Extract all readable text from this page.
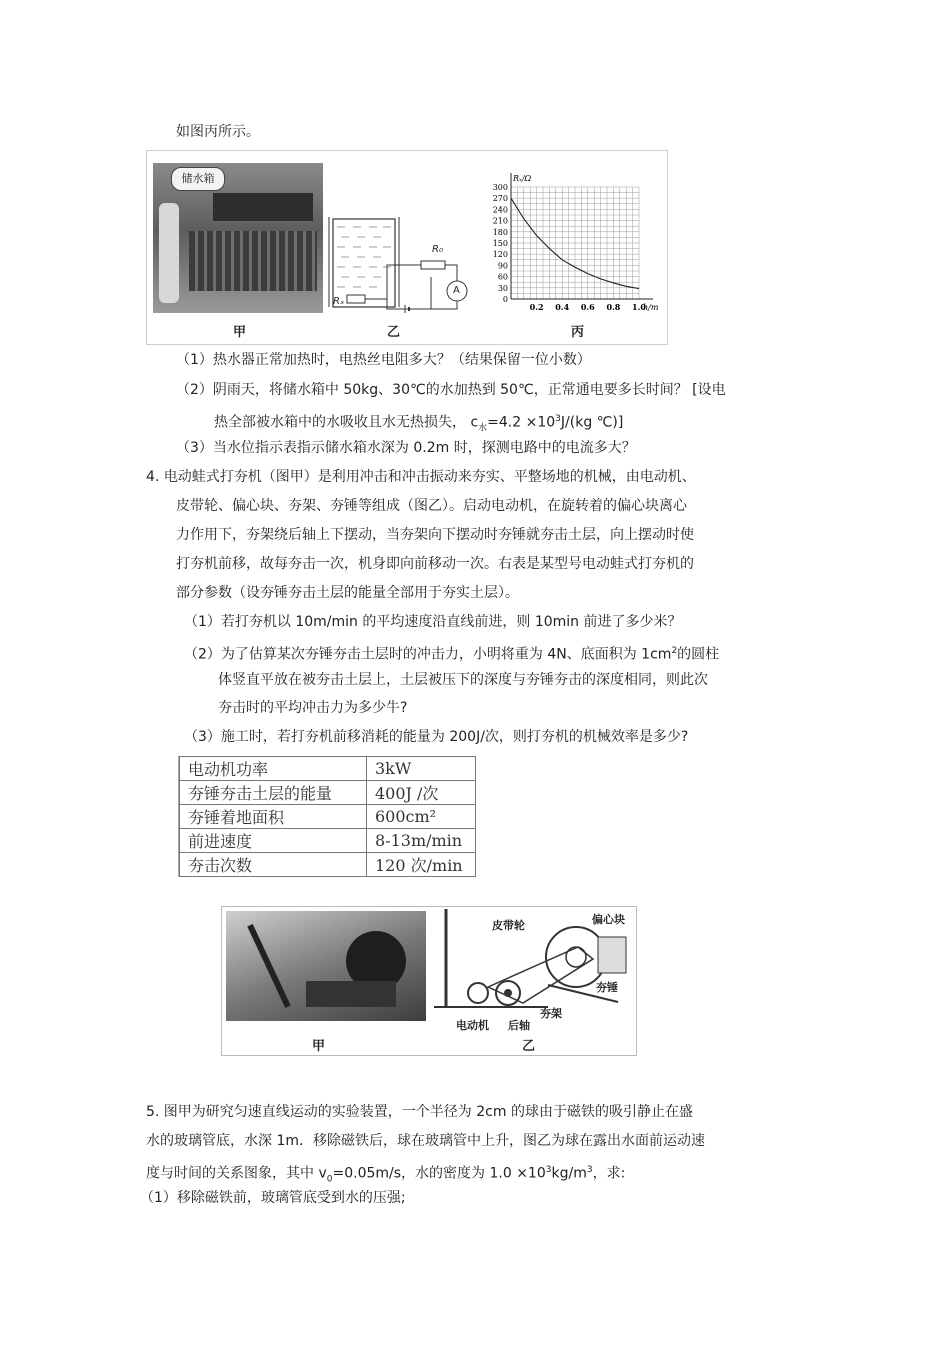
如图丙所示。
储水箱
甲
R₀
Rₓ
A
乙
300
270
240
210
180
150
120
90
60
30
0
0.2 0.4 0.6 0.8 1.0
Rₓ/Ω
h/m
丙
（1）热水器正常加热时，电热丝电阻多大？（结果保留一位小数）
（2）阴雨天，将储水箱中 50kg、30℃的水加热到 50℃，正常通电要多长时间？ [设电
热全部被水箱中的水吸收且水无热损失， $c_水=4.2 \times 10^3J/(kg$ ℃)]
（3）当水位指示表指示储水箱水深为 0.2m 时，探测电路中的电流多大？
4. 电动蛙式打夯机（图甲）是利用冲击和冲击振动来夯实、平整场地的机械，由电动机、
皮带轮、偏心块、夯架、夯锤等组成（图乙）。启动电动机，在旋转着的偏心块离心
力作用下，夯架绕后轴上下摆动，当夯架向下摆动时夯锤就夯击土层，向上摆动时使
打夯机前移，故每夯击一次，机身即向前移动一次。右表是某型号电动蛙式打夯机的
部分参数（设夯锤夯击土层的能量全部用于夯实土层）。
（1）若打夯机以 10m/min 的平均速度沿直线前进，则 10min 前进了多少米？
（2）为了估算某次夯锤夯击土层时的冲击力，小明将重为 4N、底面积为 $1cm^2$的圆柱
体竖直平放在被夯击土层上，土层被压下的深度与夯锤夯击的深度相同，则此次
夯击时的平均冲击力为多少牛?
（3）施工时，若打夯机前移消耗的能量为 200J/次，则打夯机的机械效率是多少?
电动机功率	3kW
夯锤夯击土层的能量	400J /次
夯锤着地面积	600cm²
前进速度	8-13m/min
夯击次数	120 次/min
甲
皮带轮	偏心块
夯锤
夯架
电动机 后轴
乙
5. 图甲为研究匀速直线运动的实验装置，一个半径为 2cm 的球由于磁铁的吸引静止在盛
水的玻璃管底，水深 1m．移除磁铁后，球在玻璃管中上升，图乙为球在露出水面前运动速
度与时间的关系图象，其中 $v_0=0.05m/s$，水的密度为 $1.0 \times 10^3kg/m^3$，求:
（1）移除磁铁前，玻璃管底受到水的压强;
